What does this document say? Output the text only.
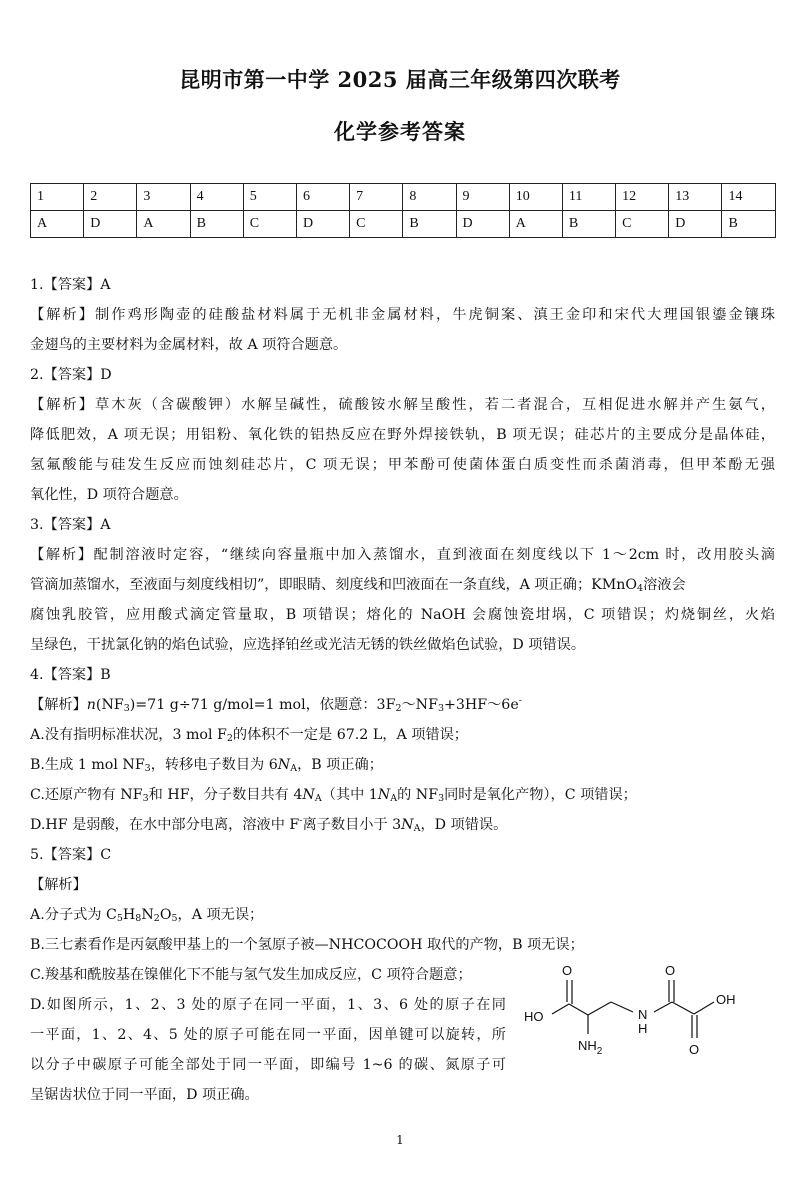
昆明市第一中学 2025 届高三年级第四次联考
化学参考答案
1	2	3	4	5	6	7	8	9	10	11	12	13	14
A	D	A	B	C	D	C	B	D	A	B	C	D	B
1.【答案】A
【解析】制作鸡形陶壶的硅酸盐材料属于无机非金属材料，牛虎铜案、滇王金印和宋代大理国银鎏金镶珠
金翅鸟的主要材料为金属材料，故 A 项符合题意。
2.【答案】D
【解析】草木灰（含碳酸钾）水解呈碱性，硫酸铵水解呈酸性，若二者混合，互相促进水解并产生氨气，
降低肥效，A 项无误；用铝粉、氧化铁的铝热反应在野外焊接铁轨，B 项无误；硅芯片的主要成分是晶体硅，
氢氟酸能与硅发生反应而蚀刻硅芯片，C 项无误；甲苯酚可使菌体蛋白质变性而杀菌消毒，但甲苯酚无强
氧化性，D 项符合题意。
3.【答案】A
【解析】配制溶液时定容，“继续向容量瓶中加入蒸馏水，直到液面在刻度线以下 1～2cm 时，改用胶头滴
管滴加蒸馏水，至液面与刻度线相切”，即眼睛、刻度线和凹液面在一条直线，A 项正确；KMnO$_4$溶液会
腐蚀乳胶管，应用酸式滴定管量取，B 项错误；熔化的 NaOH 会腐蚀瓷坩埚，C 项错误；灼烧铜丝，火焰
呈绿色，干扰氯化钠的焰色试验，应选择铂丝或光洁无锈的铁丝做焰色试验，D 项错误。
4.【答案】B
【解析】$n(NF_3)=71$ g÷71 g/mol=1 mol，依题意：$3F_2\sim NF_3+3HF\sim 6e^-$
A.没有指明标准状况，3 mol $F_2$的体积不一定是 67.2 L，A 项错误；
B.生成 1 mol $NF_3$，转移电子数目为 $6N_A$，B 项正确；
C.还原产物有 $NF_3$和 HF，分子数目共有 $4N_A$（其中 $1N_A$的 $NF_3$同时是氧化产物），C 项错误；
D.HF 是弱酸，在水中部分电离，溶液中 F-离子数目小于 $3N_A$，D 项错误。
5.【答案】C
【解析】
A.分子式为 $C_5H_8N_2O_5$，A 项无误；
B.三七素看作是丙氨酸甲基上的一个氢原子被—NHCOCOOH 取代的产物，B 项无误；
C.羧基和酰胺基在镍催化下不能与氢气发生加成反应，C 项符合题意；
D.如图所示，1、2、3 处的原子在同一平面，1、3、6 处的原子在同
一平面，1、2、4、5 处的原子可能在同一平面，因单键可以旋转，所
以分子中碳原子可能全部处于同一平面，即编号 1~6 的碳、氮原子可
呈锯齿状位于同一平面，D 项正确。
O	O
OH
HO	N
H
O
$NH_2$
1
